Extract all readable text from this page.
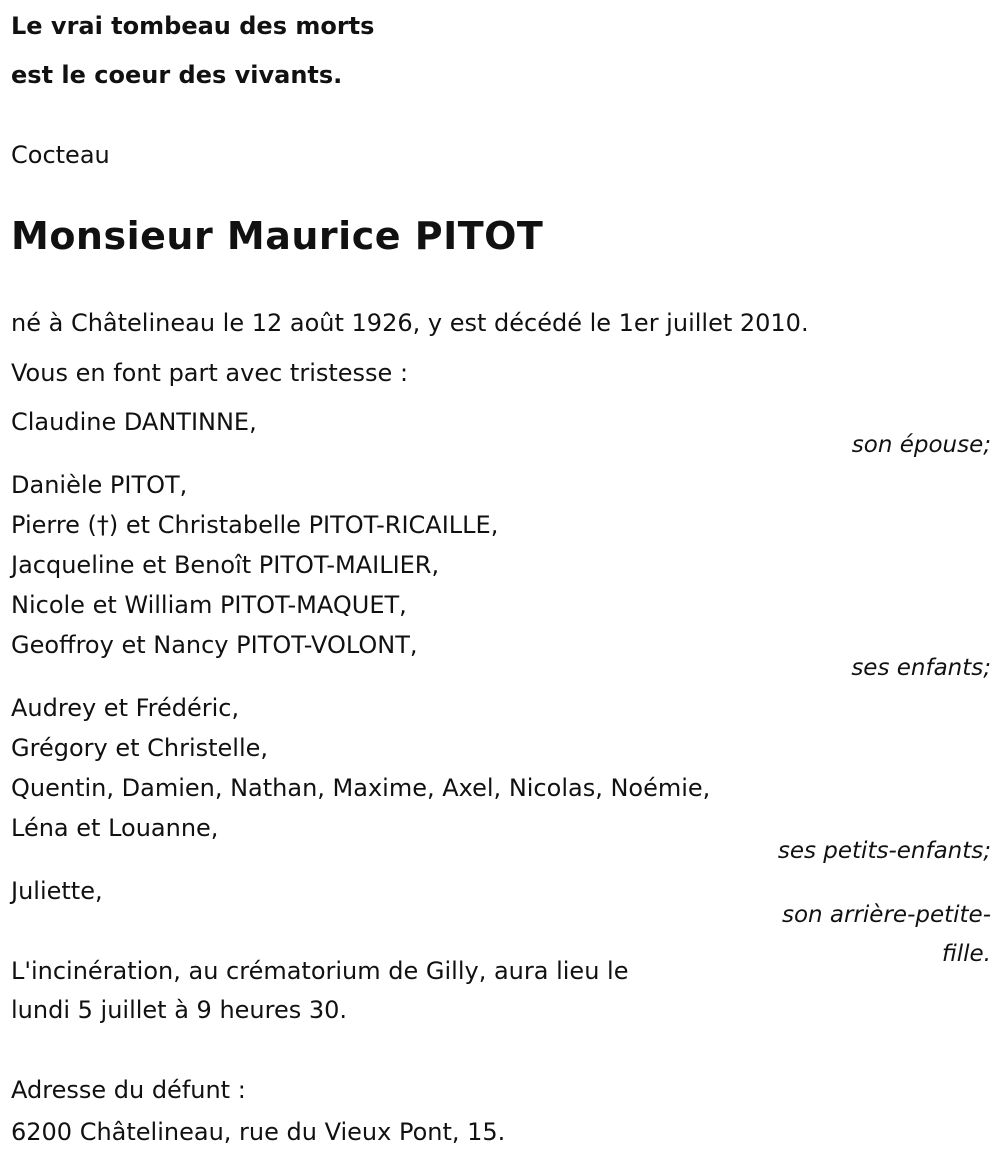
Le vrai tombeau des morts
est le coeur des vivants.
Cocteau
Monsieur Maurice PITOT
né à Châtelineau le 12 août 1926, y est décédé le 1er juillet 2010.
Vous en font part avec tristesse :
Claudine DANTINNE,
son épouse;
Danièle PITOT,
Pierre (†) et Christabelle PITOT-RICAILLE,
Jacqueline et Benoît PITOT-MAILIER,
Nicole et William PITOT-MAQUET,
Geoffroy et Nancy PITOT-VOLONT,
ses enfants;
Audrey et Frédéric,
Grégory et Christelle,
Quentin, Damien, Nathan, Maxime, Axel, Nicolas, Noémie,
Léna et Louanne,
ses petits-enfants;
Juliette,
son arrière-petite-
fille.
L'incinération, au crématorium de Gilly, aura lieu le
lundi 5 juillet à 9 heures 30.
Adresse du défunt :
6200 Châtelineau, rue du Vieux Pont, 15.
